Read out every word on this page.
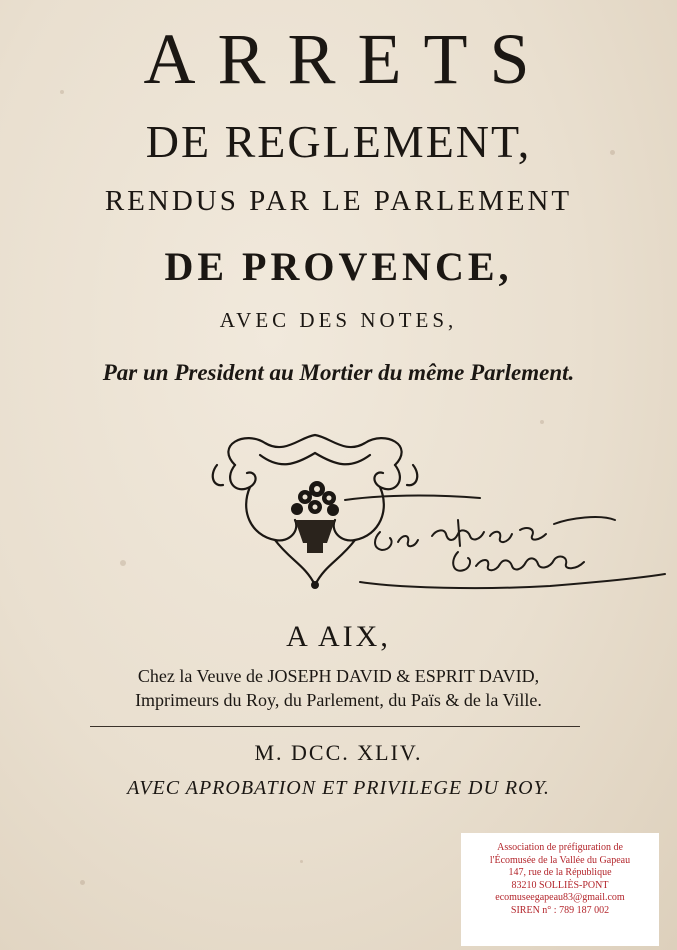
ARRETS
DE REGLEMENT,
RENDUS PAR LE PARLEMENT
DE PROVENCE,
AVEC DES NOTES,
Par un President au Mortier du même Parlement.
A AIX,
Chez la Veuve de JOSEPH DAVID & ESPRIT DAVID,
Imprimeurs du Roy, du Parlement, du Païs & de la Ville.
M. DCC. XLIV.
AVEC APROBATION ET PRIVILEGE DU ROY.
Association de préfiguration de
l'Écomusée de la Vallée du Gapeau
147, rue de la République
83210 SOLLIÈS-PONT
ecomuseegapeau83@gmail.com
SIREN n° : 789 187 002
